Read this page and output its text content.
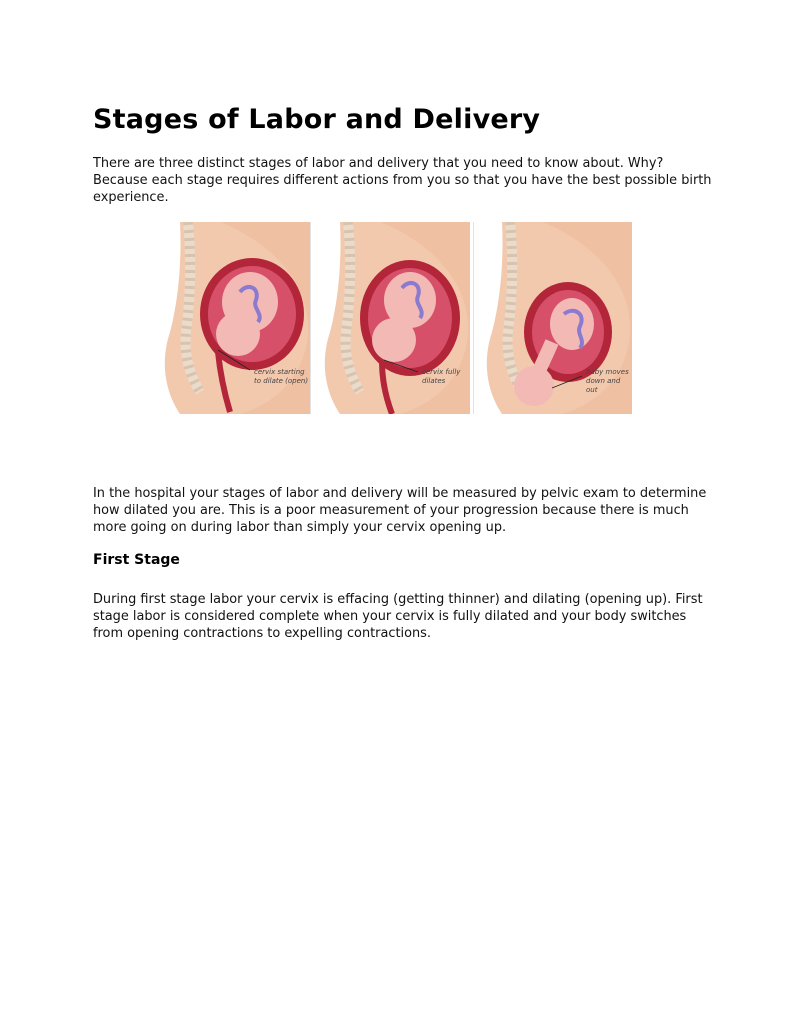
Stages of Labor and Delivery

There are three distinct stages of labor and delivery that you need to know about. Why? Because each stage requires different actions from you so that you have the best possible birth experience.

cervix starting to dilate (open)
cervix fully dilates
baby moves down and out

In the hospital your stages of labor and delivery will be measured by pelvic exam to determine how dilated you are. This is a poor measurement of your progression because there is much more going on during labor than simply your cervix opening up.

First Stage

During first stage labor your cervix is effacing (getting thinner) and dilating (opening up). First stage labor is considered complete when your cervix is fully dilated and your body switches from opening contractions to expelling contractions.
